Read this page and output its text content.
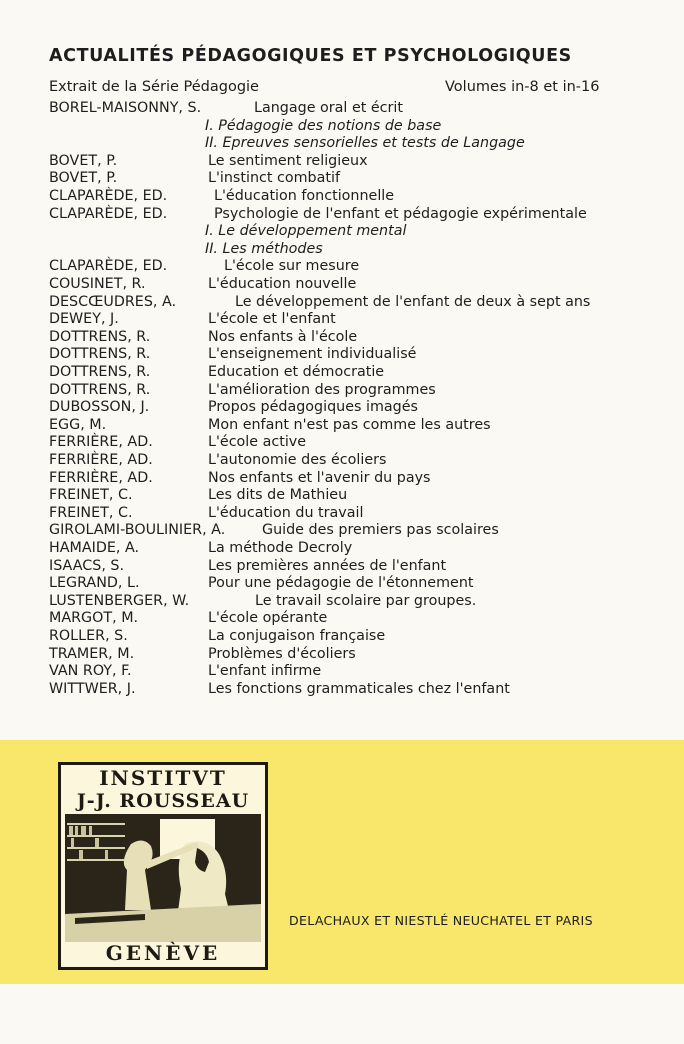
ACTUALITÉS PÉDAGOGIQUES ET PSYCHOLOGIQUES
Extrait de la Série Pédagogie	Volumes in-8 et in-16
BOREL-MAISONNY, S.	Langage oral et écrit
I. Pédagogie des notions de base
II. Epreuves sensorielles et tests de Langage
BOVET, P.	Le sentiment religieux
BOVET, P.	L'instinct combatif
CLAPARÈDE, ED.	L'éducation fonctionnelle
CLAPARÈDE, ED.	Psychologie de l'enfant et pédagogie expérimentale
I. Le développement mental
II. Les méthodes
CLAPARÈDE, ED.	L'école sur mesure
COUSINET, R.	L'éducation nouvelle
DESCŒUDRES, A.	Le développement de l'enfant de deux à sept ans
DEWEY, J.	L'école et l'enfant
DOTTRENS, R.	Nos enfants à l'école
DOTTRENS, R.	L'enseignement individualisé
DOTTRENS, R.	Education et démocratie
DOTTRENS, R.	L'amélioration des programmes
DUBOSSON, J.	Propos pédagogiques imagés
EGG, M.	Mon enfant n'est pas comme les autres
FERRIÈRE, AD.	L'école active
FERRIÈRE, AD.	L'autonomie des écoliers
FERRIÈRE, AD.	Nos enfants et l'avenir du pays
FREINET, C.	Les dits de Mathieu
FREINET, C.	L'éducation du travail
GIROLAMI-BOULINIER, A.	Guide des premiers pas scolaires
HAMAIDE, A.	La méthode Decroly
ISAACS, S.	Les premières années de l'enfant
LEGRAND, L.	Pour une pédagogie de l'étonnement
LUSTENBERGER, W.	Le travail scolaire par groupes.
MARGOT, M.	L'école opérante
ROLLER, S.	La conjugaison française
TRAMER, M.	Problèmes d'écoliers
VAN ROY, F.	L'enfant infirme
WITTWER, J.	Les fonctions grammaticales chez l'enfant
INSTITVT
J-J. ROUSSEAU
GENÈVE
DELACHAUX ET NIESTLÉ NEUCHATEL ET PARIS
